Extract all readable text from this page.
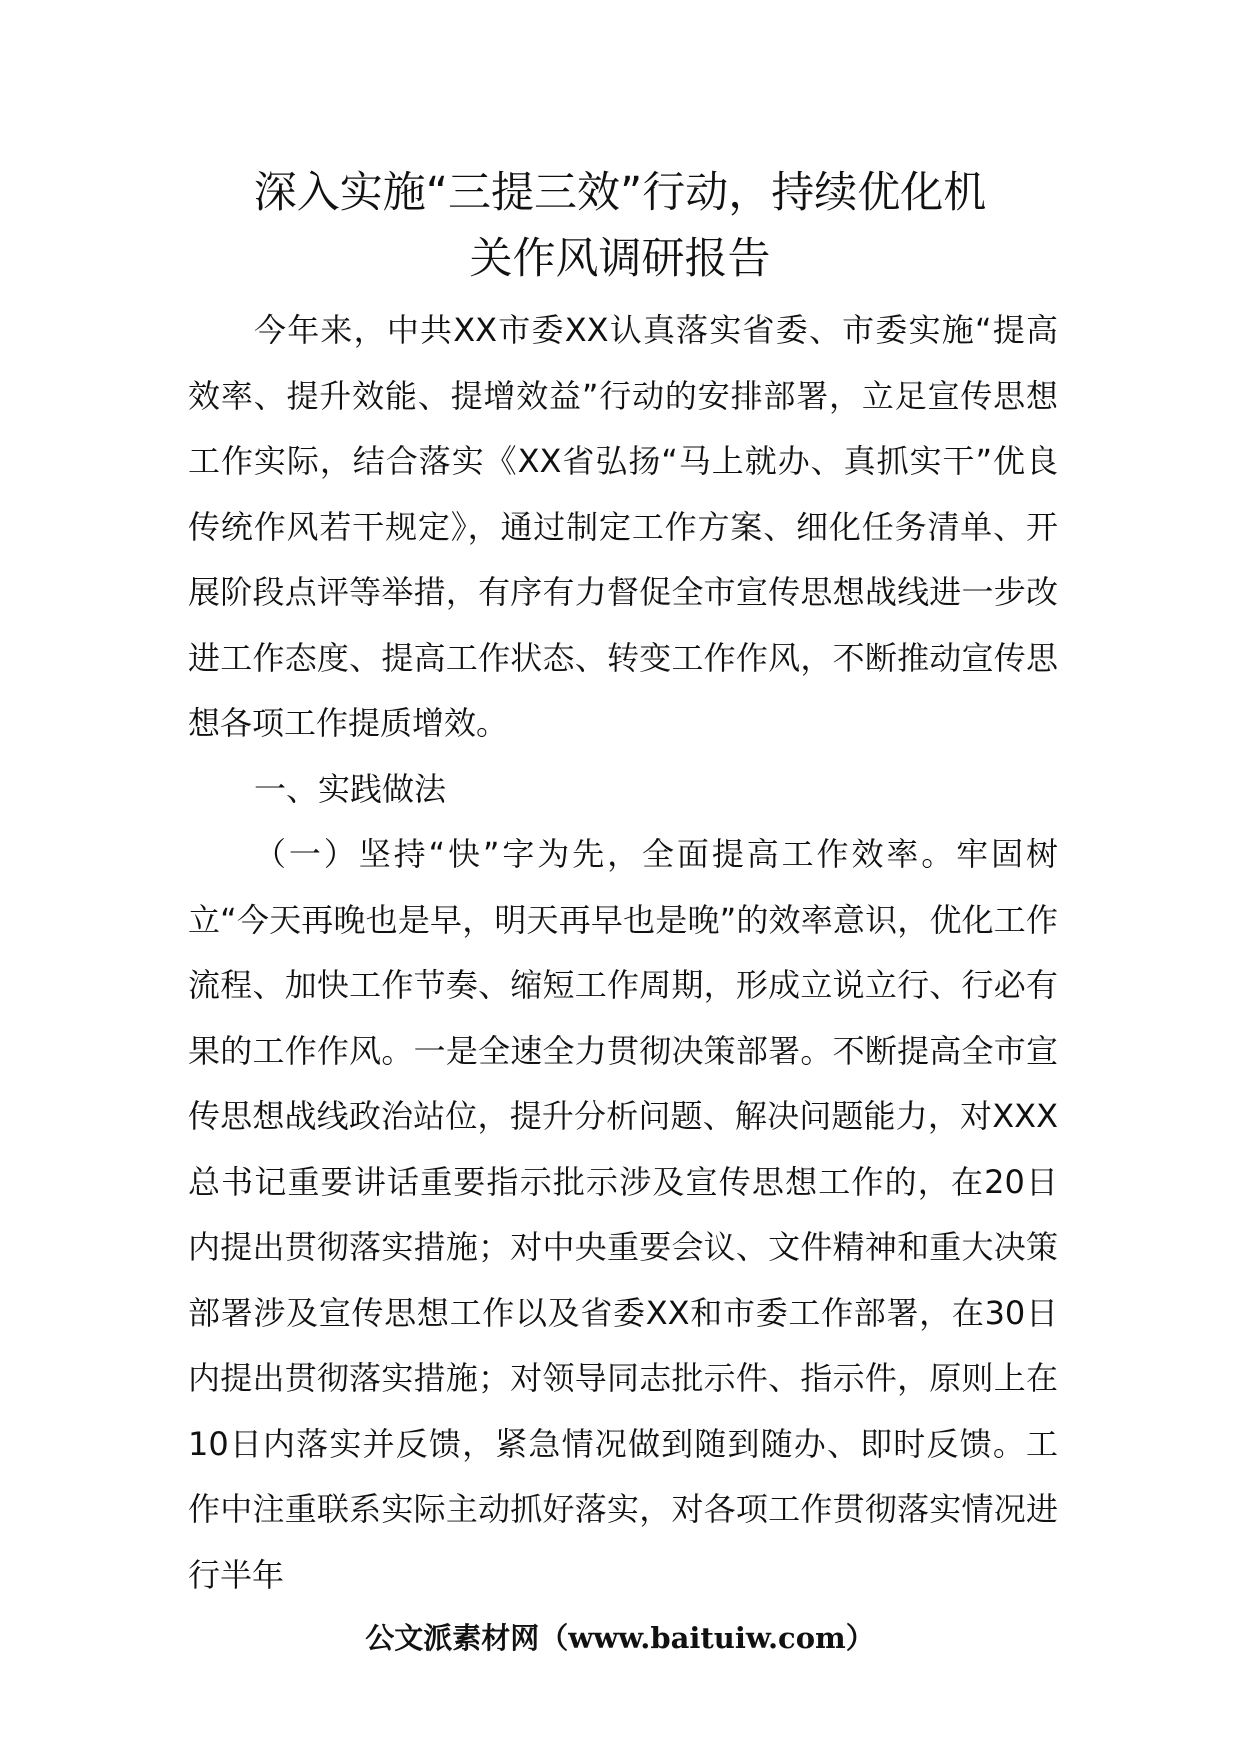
深入实施“三提三效”行动，持续优化机
关作风调研报告

今年来，中共XX市委XX认真落实省委、市委实施“提高效率、提升效能、提增效益”行动的安排部署，立足宣传思想工作实际，结合落实《XX省弘扬“马上就办、真抓实干”优良传统作风若干规定》，通过制定工作方案、细化任务清单、开展阶段点评等举措，有序有力督促全市宣传思想战线进一步改进工作态度、提高工作状态、转变工作作风，不断推动宣传思想各项工作提质增效。

一、实践做法

（一）坚持“快”字为先，全面提高工作效率。牢固树立“今天再晚也是早，明天再早也是晚”的效率意识，优化工作流程、加快工作节奏、缩短工作周期，形成立说立行、行必有果的工作作风。一是全速全力贯彻决策部署。不断提高全市宣传思想战线政治站位，提升分析问题、解决问题能力，对XXX总书记重要讲话重要指示批示涉及宣传思想工作的，在20日内提出贯彻落实措施；对中央重要会议、文件精神和重大决策部署涉及宣传思想工作以及省委XX和市委工作部署，在30日内提出贯彻落实措施；对领导同志批示件、指示件，原则上在10日内落实并反馈，紧急情况做到随到随办、即时反馈。工作中注重联系实际主动抓好落实，对各项工作贯彻落实情况进行半年

公文派素材网（www.baituiw.com）
